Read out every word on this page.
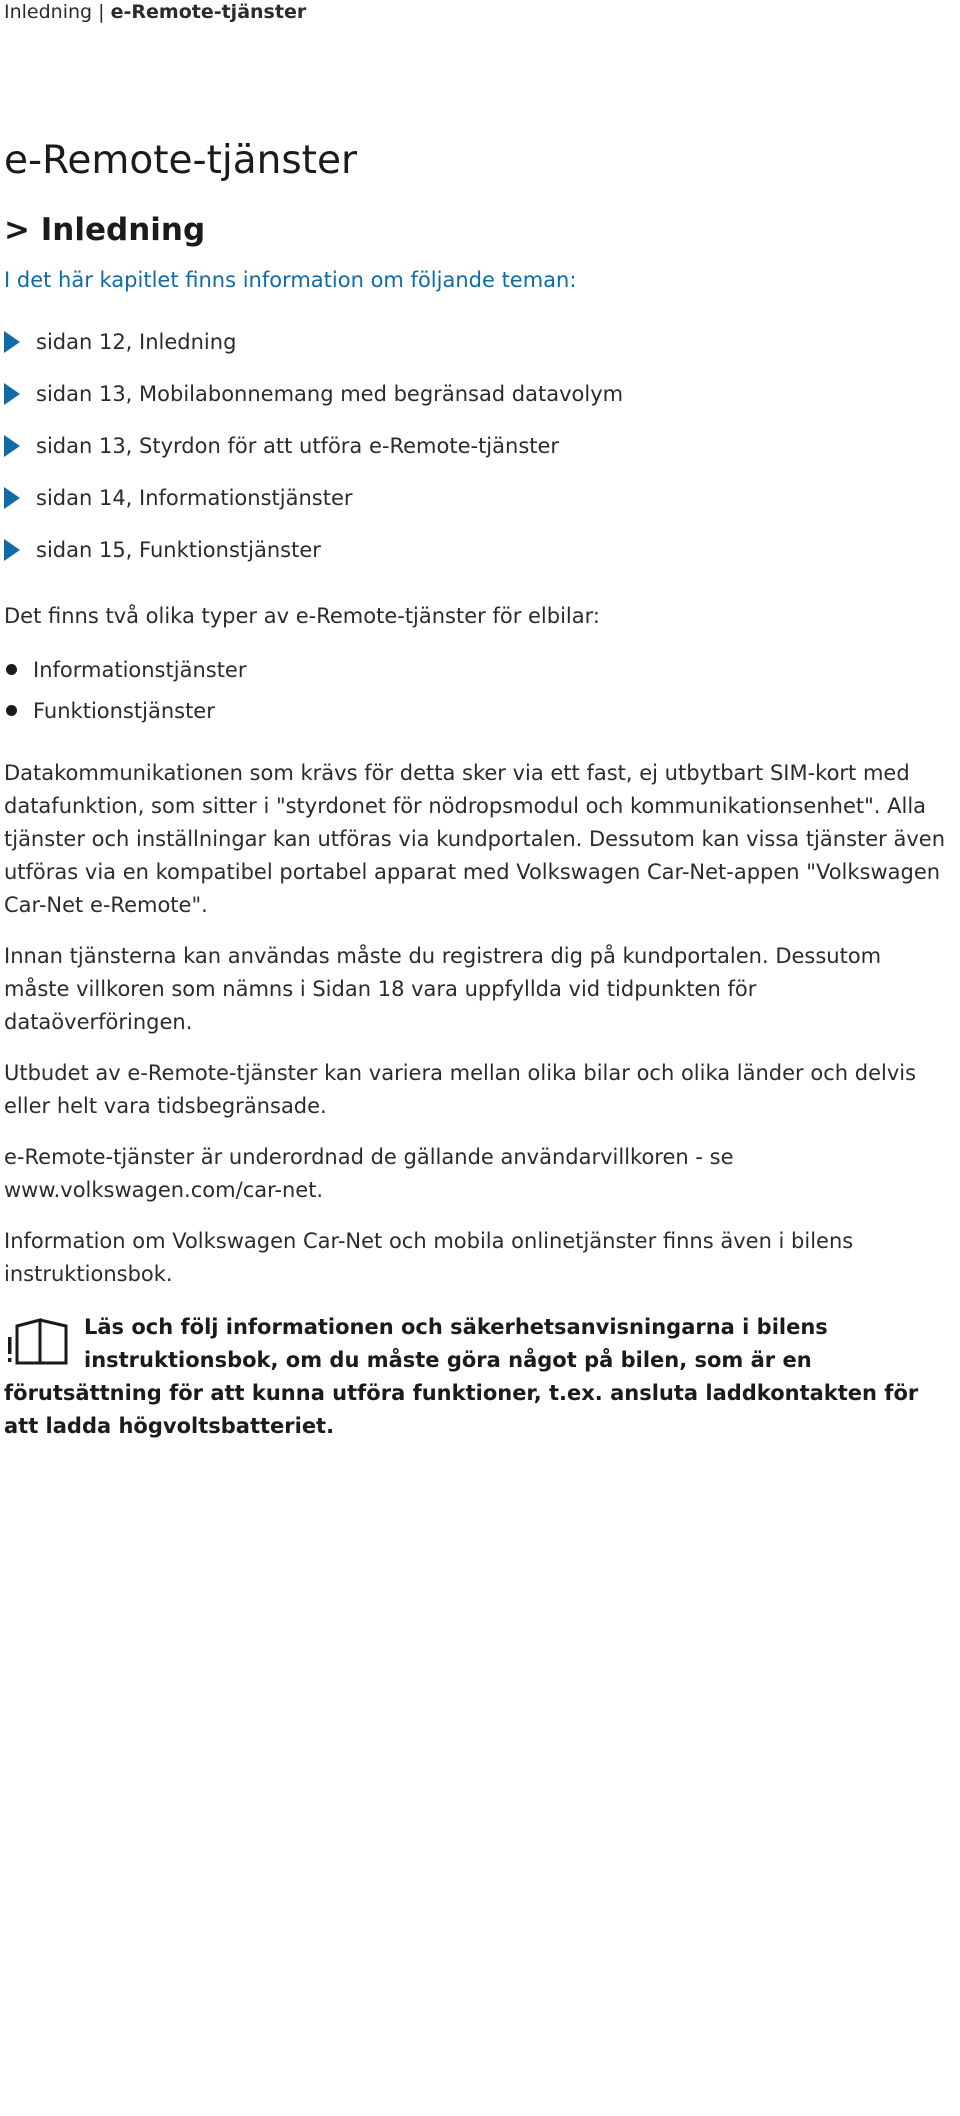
Inledning | e-Remote-tjänster
e-Remote-tjänster
> Inledning

I det här kapitlet finns information om följande teman:

sidan 12, Inledning
sidan 13, Mobilabonnemang med begränsad datavolym
sidan 13, Styrdon för att utföra e-Remote-tjänster
sidan 14, Informationstjänster
sidan 15, Funktionstjänster

Det finns två olika typer av e-Remote-tjänster för elbilar:

Informationstjänster
Funktionstjänster

Datakommunikationen som krävs för detta sker via ett fast, ej utbytbart SIM-kort med datafunktion, som sitter i "styrdonet för nödropsmodul och kommunikationsenhet". Alla tjänster och inställningar kan utföras via kundportalen. Dessutom kan vissa tjänster även utföras via en kompatibel portabel apparat med Volkswagen Car-Net-appen "Volkswagen Car-Net e-Remote".

Innan tjänsterna kan användas måste du registrera dig på kundportalen. Dessutom måste villkoren som nämns i Sidan 18 vara uppfyllda vid tidpunkten för dataöverföringen.

Utbudet av e-Remote-tjänster kan variera mellan olika bilar och olika länder och delvis eller helt vara tidsbegränsade.

e-Remote-tjänster är underordnad de gällande användarvillkoren - se www.volkswagen.com/car-net.

Information om Volkswagen Car-Net och mobila onlinetjänster finns även i bilens instruktionsbok.

Läs och följ informationen och säkerhetsanvisningarna i bilens instruktionsbok, om du måste göra något på bilen, som är en förutsättning för att kunna utföra funktioner, t.ex. ansluta laddkontakten för att ladda högvoltsbatteriet.
